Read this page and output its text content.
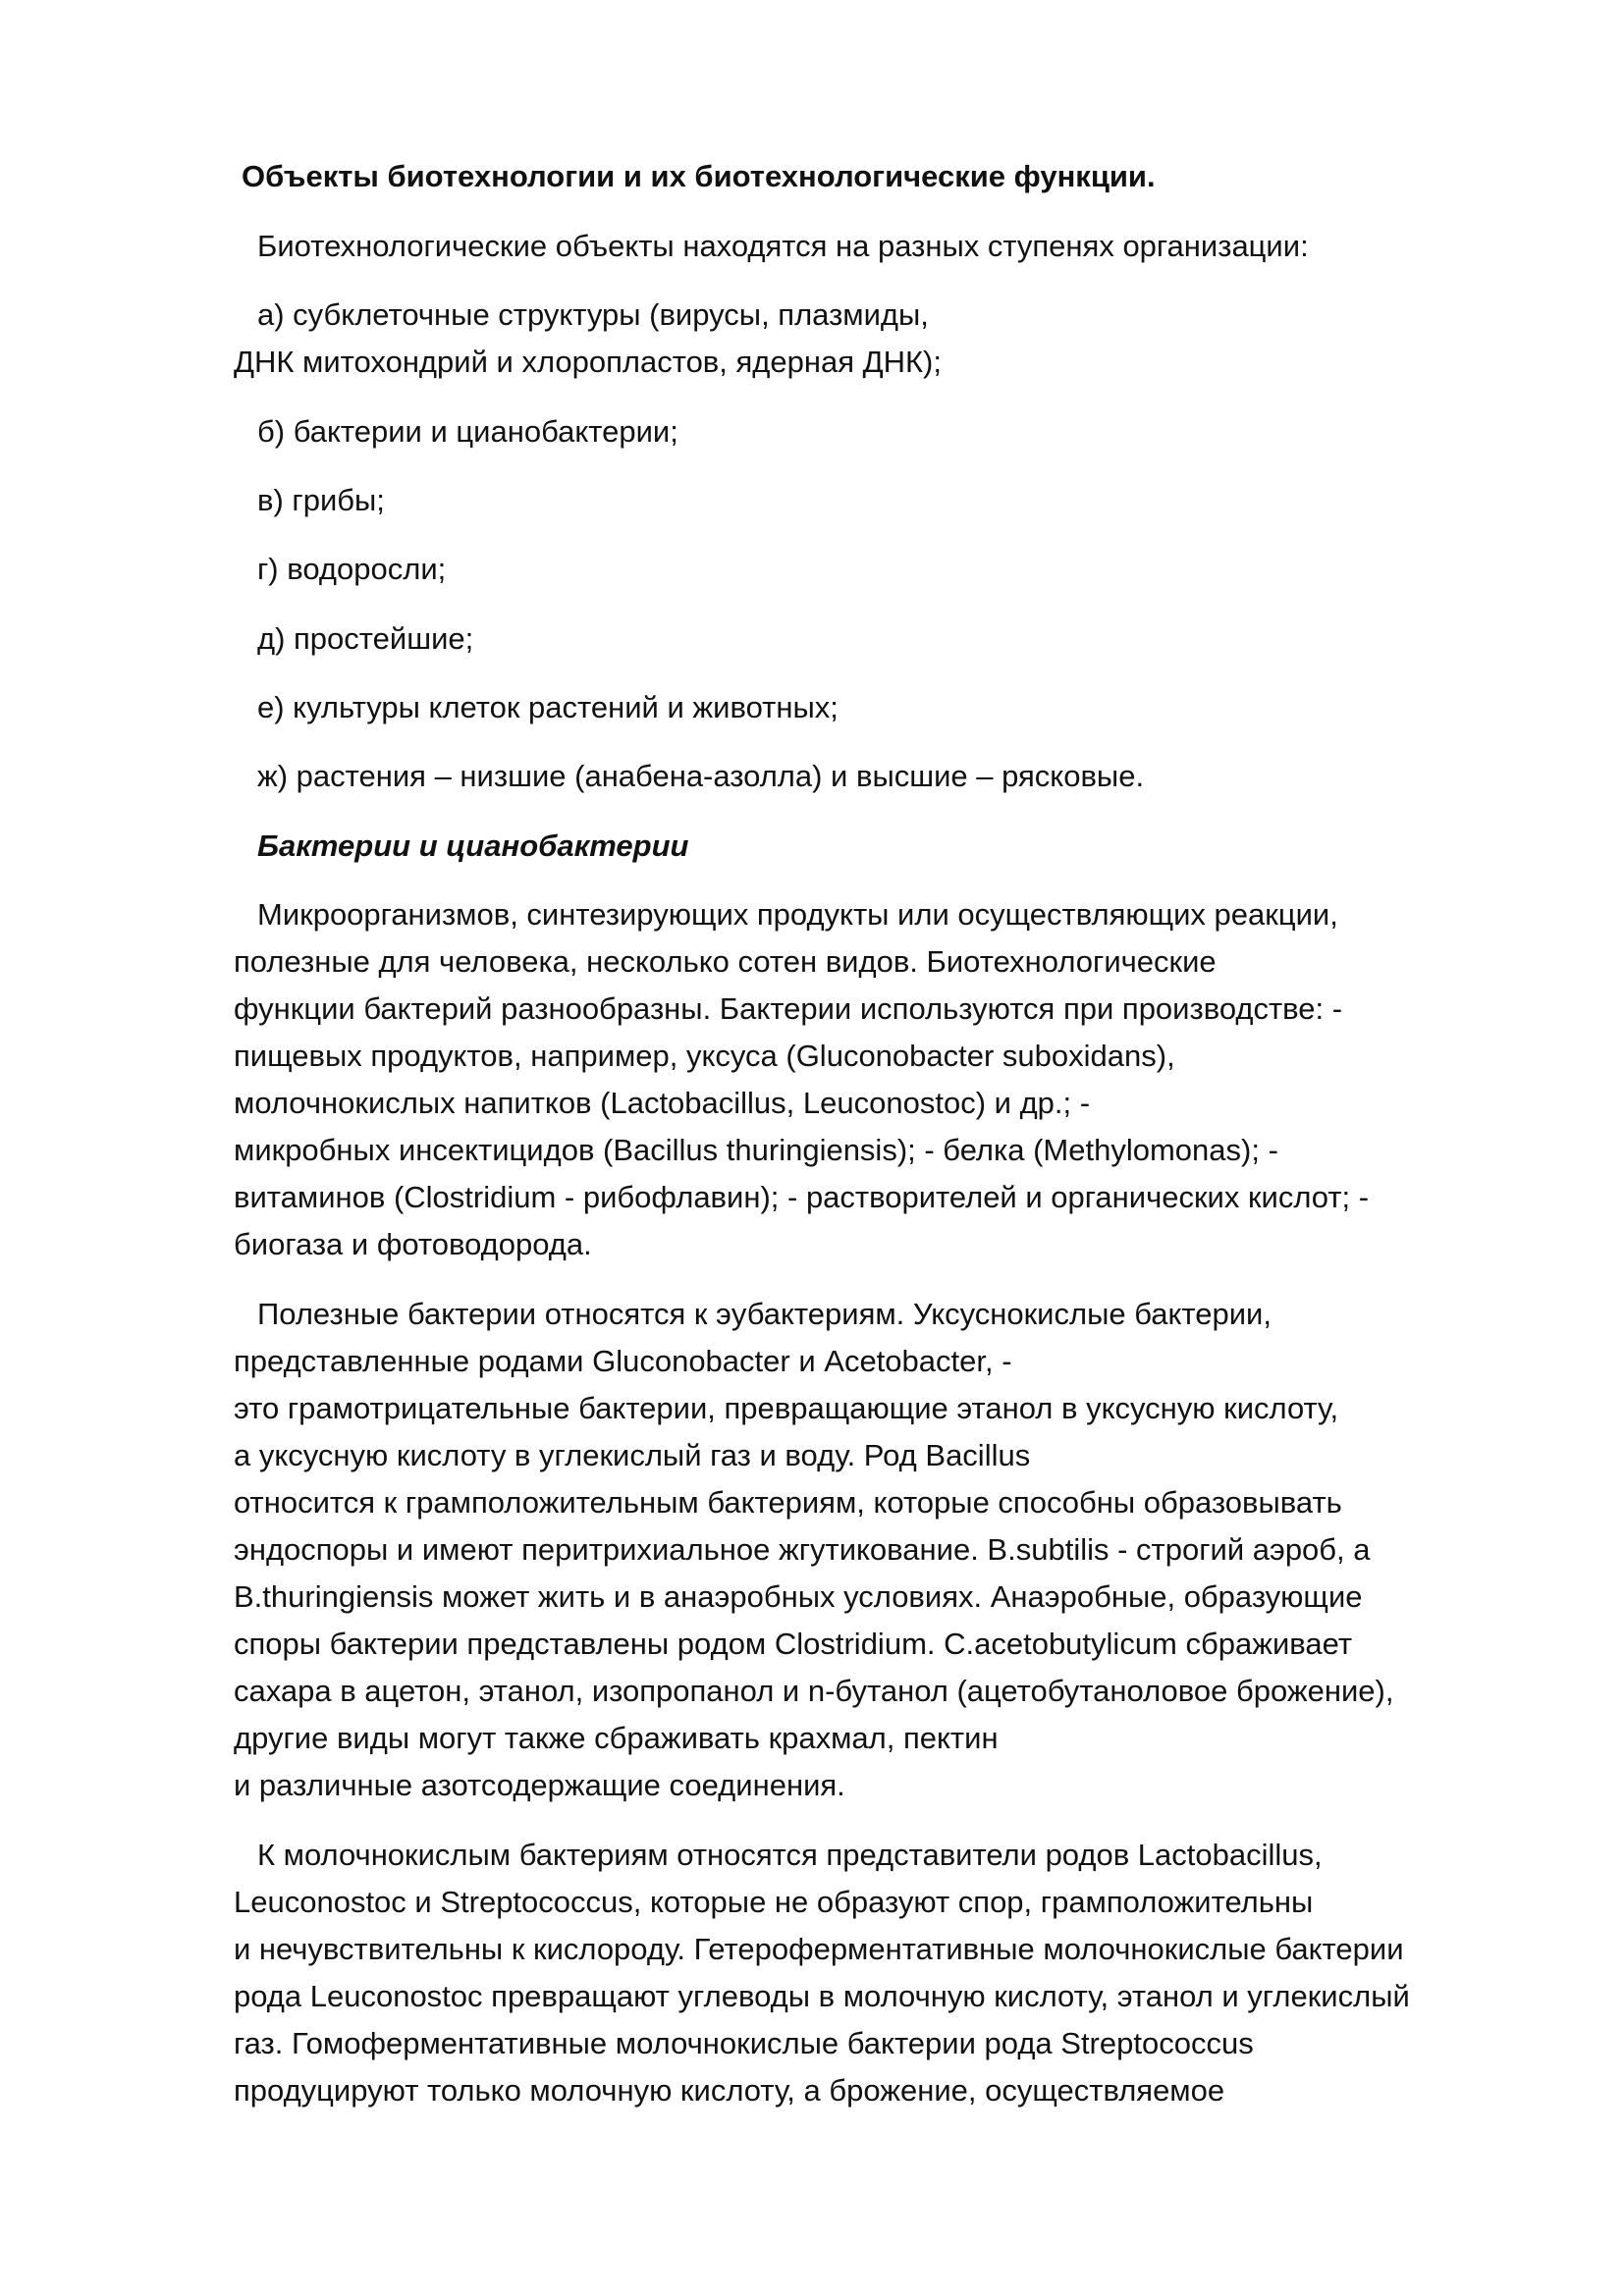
Объекты биотехнологии и их биотехнологические функции.

Биотехнологические объекты находятся на разных ступенях организации:

а) субклеточные структуры (вирусы, плазмиды,

ДНК митохондрий и хлоропластов, ядерная ДНК);

б) бактерии и цианобактерии;

в) грибы;

г) водоросли;

д) простейшие;

е) культуры клеток растений и животных;

ж) растения – низшие (анабена-азолла) и высшие – рясковые.

Бактерии и цианобактерии

Микроорганизмов, синтезирующих продукты или осуществляющих реакции,

полезные для человека, несколько сотен видов. Биотехнологические

функции бактерий разнообразны. Бактерии используются при производстве: -

пищевых продуктов, например, уксуса (Gluconobacter suboxidans),

молочнокислых напитков (Lactobacillus, Leuconostoc) и др.; -

микробных инсектицидов (Bacillus thuringiensis); - белка (Methylomonas); -

витаминов (Clostridium - рибофлавин); - растворителей и органических кислот; -

биогаза и фотоводорода.

Полезные бактерии относятся к эубактериям. Уксуснокислые бактерии,

представленные родами Gluconobacter и Acetobacter, -

это грамотрицательные бактерии, превращающие этанол в уксусную кислоту,

а уксусную кислоту в углекислый газ и воду. Род Bacillus

относится к грамположительным бактериям, которые способны образовывать

эндоспоры и имеют перитрихиальное жгутикование. B.subtilis - строгий аэроб, а

B.thuringiensis может жить и в анаэробных условиях. Анаэробные, образующие

споры бактерии представлены родом Clostridium. C.acetobutylicum сбраживает

сахара в ацетон, этанол, изопропанол и n-бутанол (ацетобутаноловое брожение),

другие виды могут также сбраживать крахмал, пектин

и различные азотсодержащие соединения.

К молочнокислым бактериям относятся представители родов Lactobacillus,

Leuconostoc и Streptococcus, которые не образуют спор, грамположительны

и нечувствительны к кислороду. Гетероферментативные молочнокислые бактерии

рода Leuconostoc превращают углеводы в молочную кислоту, этанол и углекислый

газ. Гомоферментативные молочнокислые бактерии рода Streptococcus

продуцируют только молочную кислоту, а брожение, осуществляемое
